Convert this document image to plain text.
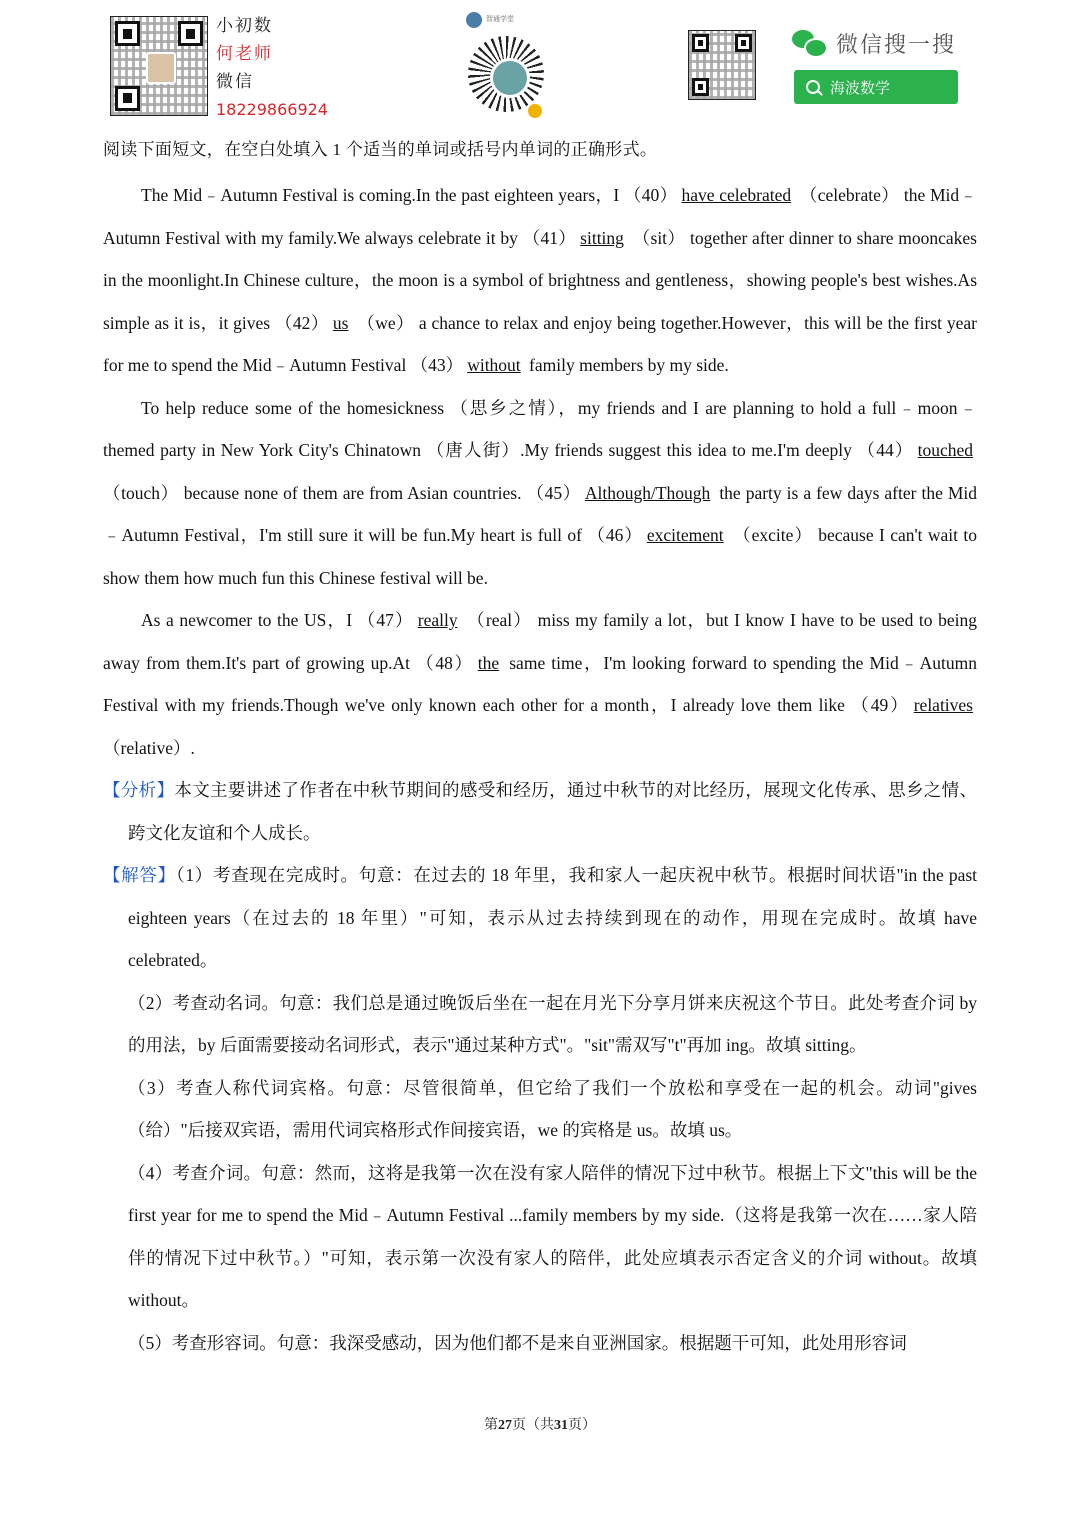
小初数
何老师
微信
18229866924
智通学堂
微信搜一搜
海波数学

阅读下面短文，在空白处填入 1 个适当的单词或括号内单词的正确形式。

The Mid﹣Autumn Festival is coming.In the past eighteen years，I （40） have celebrated （celebrate） the Mid﹣Autumn Festival with my family.We always celebrate it by （41） sitting （sit） together after dinner to share mooncakes in the moonlight.In Chinese culture，the moon is a symbol of brightness and gentleness，showing people's best wishes.As simple as it is，it gives （42） us （we） a chance to relax and enjoy being together.However，this will be the first year for me to spend the Mid﹣Autumn Festival （43） without family members by my side.

To help reduce some of the homesickness （思乡之情），my friends and I are planning to hold a full﹣moon﹣themed party in New York City's Chinatown （唐人街）.My friends suggest this idea to me.I'm deeply （44） touched （touch） because none of them are from Asian countries. （45） Although/Though the party is a few days after the Mid﹣Autumn Festival，I'm still sure it will be fun.My heart is full of （46） excitement （excite） because I can't wait to show them how much fun this Chinese festival will be.

As a newcomer to the US，I （47） really （real） miss my family a lot，but I know I have to be used to being away from them.It's part of growing up.At （48） the same time，I'm looking forward to spending the Mid﹣Autumn Festival with my friends.Though we've only known each other for a month，I already love them like （49） relatives （relative）.

【分析】本文主要讲述了作者在中秋节期间的感受和经历，通过中秋节的对比经历，展现文化传承、思乡之情、跨文化友谊和个人成长。

【解答】（1）考查现在完成时。句意：在过去的 18 年里，我和家人一起庆祝中秋节。根据时间状语"in the past eighteen years（在过去的 18 年里）"可知，表示从过去持续到现在的动作，用现在完成时。故填 have celebrated。

（2）考查动名词。句意：我们总是通过晚饭后坐在一起在月光下分享月饼来庆祝这个节日。此处考查介词 by 的用法，by 后面需要接动名词形式，表示"通过某种方式"。"sit"需双写"t"再加 ing。故填 sitting。

（3）考查人称代词宾格。句意：尽管很简单，但它给了我们一个放松和享受在一起的机会。动词"gives（给）"后接双宾语，需用代词宾格形式作间接宾语，we 的宾格是 us。故填 us。

（4）考查介词。句意：然而，这将是我第一次在没有家人陪伴的情况下过中秋节。根据上下文"this will be the first year for me to spend the Mid﹣Autumn Festival ...family members by my side.（这将是我第一次在……家人陪伴的情况下过中秋节。）"可知，表示第一次没有家人的陪伴，此处应填表示否定含义的介词 without。故填 without。

（5）考查形容词。句意：我深受感动，因为他们都不是来自亚洲国家。根据题干可知，此处用形容词

第27页（共31页）
